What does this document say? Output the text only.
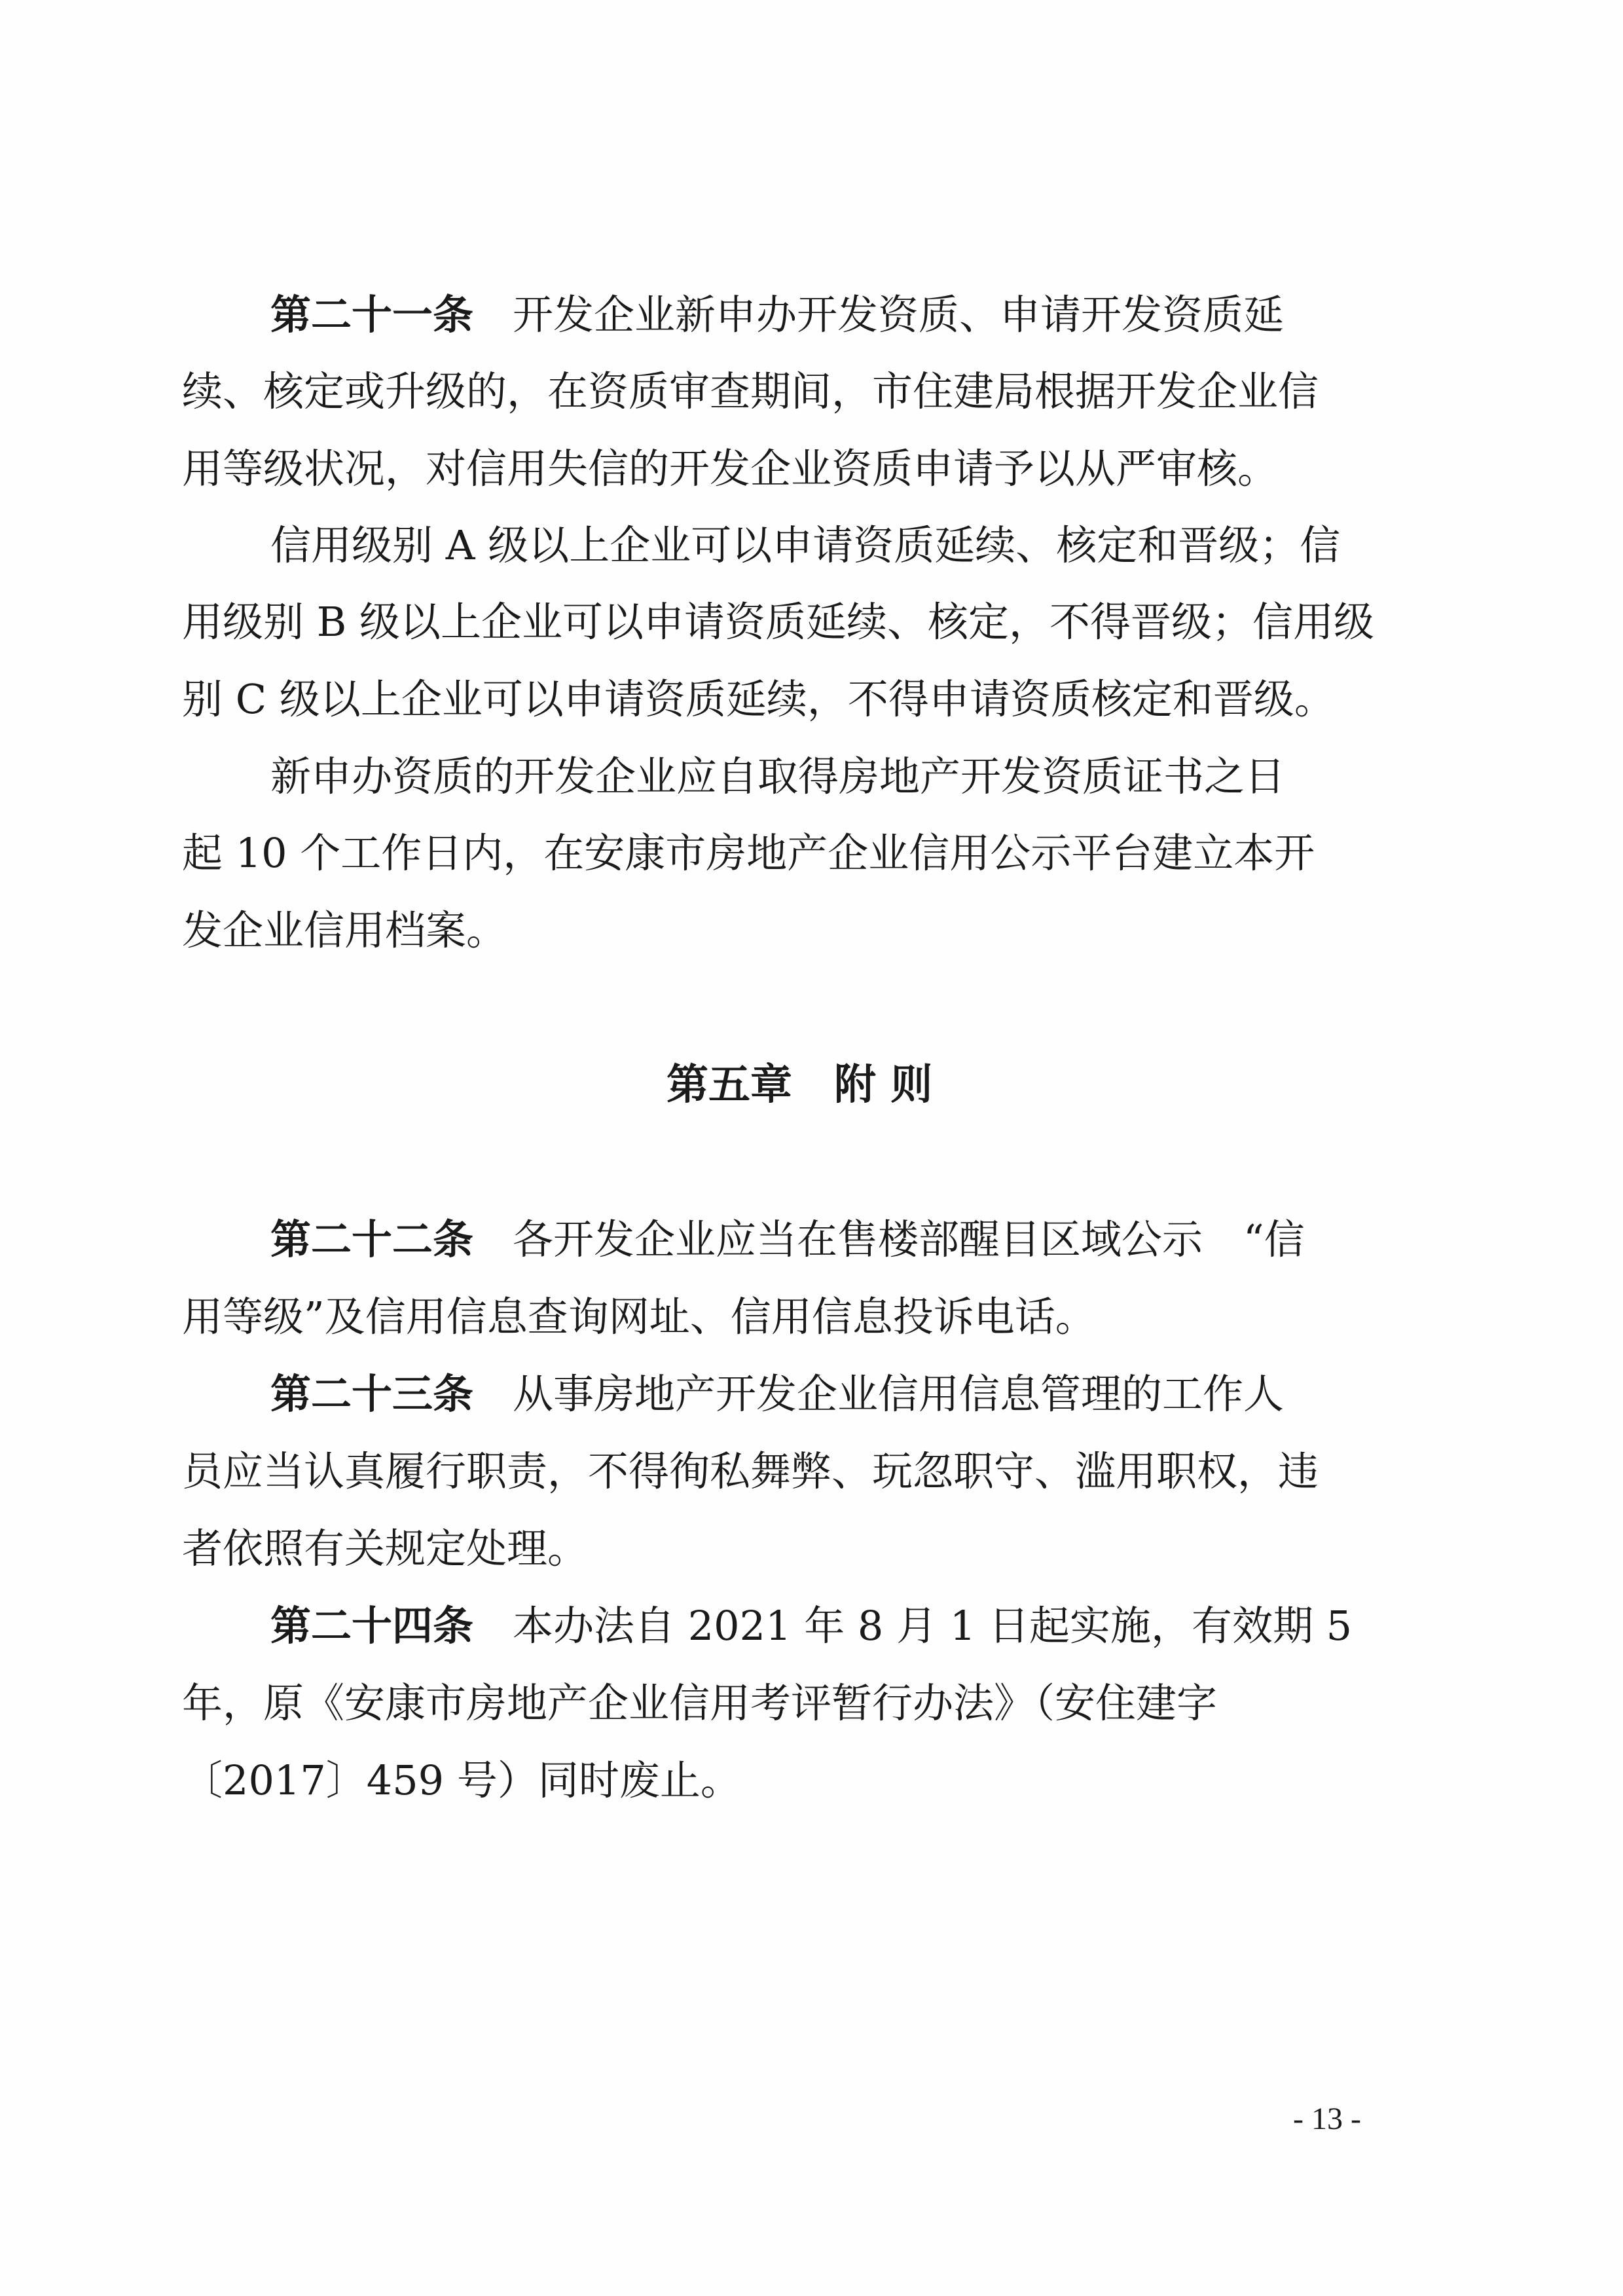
第二十一条 开发企业新申办开发资质、申请开发资质延
续、核定或升级的，在资质审查期间，市住建局根据开发企业信
用等级状况，对信用失信的开发企业资质申请予以从严审核。
信用级别 A 级以上企业可以申请资质延续、核定和晋级；信
用级别 B 级以上企业可以申请资质延续、核定，不得晋级；信用级
别 C 级以上企业可以申请资质延续，不得申请资质核定和晋级。
新申办资质的开发企业应自取得房地产开发资质证书之日
起 10 个工作日内，在安康市房地产企业信用公示平台建立本开
发企业信用档案。
第五章　附 则
第二十二条 各开发企业应当在售楼部醒目区域公示　“信
用等级”及信用信息查询网址、信用信息投诉电话。
第二十三条 从事房地产开发企业信用信息管理的工作人
员应当认真履行职责，不得徇私舞弊、玩忽职守、滥用职权，违
者依照有关规定处理。
第二十四条 本办法自 2021 年 8 月 1 日起实施，有效期 5
年，原《安康市房地产企业信用考评暂行办法》（安住建字
〔2017〕459 号）同时废止。
- 13 -
